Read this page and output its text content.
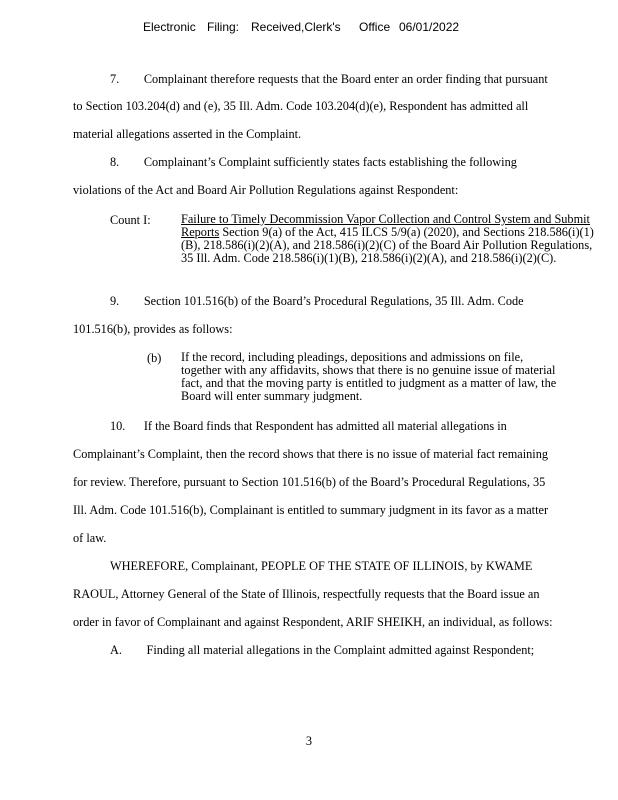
Electronic Filing: Received,Clerk's Office 06/01/2022
7.        Complainant therefore requests that the Board enter an order finding that pursuant
to Section 103.204(d) and (e), 35 Ill. Adm. Code 103.204(d)(e), Respondent has admitted all
material allegations asserted in the Complaint.
8.        Complainant’s Complaint sufficiently states facts establishing the following
violations of the Act and Board Air Pollution Regulations against Respondent:
Count I: Failure to Timely Decommission Vapor Collection and Control System and Submit Reports Section 9(a) of the Act, 415 ILCS 5/9(a) (2020), and Sections 218.586(i)(1)(B), 218.586(i)(2)(A), and 218.586(i)(2)(C) of the Board Air Pollution Regulations, 35 Ill. Adm. Code 218.586(i)(1)(B), 218.586(i)(2)(A), and 218.586(i)(2)(C).
9.        Section 101.516(b) of the Board’s Procedural Regulations, 35 Ill. Adm. Code
101.516(b), provides as follows:
(b) If the record, including pleadings, depositions and admissions on file, together with any affidavits, shows that there is no genuine issue of material fact, and that the moving party is entitled to judgment as a matter of law, the Board will enter summary judgment.
10.      If the Board finds that Respondent has admitted all material allegations in
Complainant’s Complaint, then the record shows that there is no issue of material fact remaining
for review. Therefore, pursuant to Section 101.516(b) of the Board’s Procedural Regulations, 35
Ill. Adm. Code 101.516(b), Complainant is entitled to summary judgment in its favor as a matter
of law.
WHEREFORE, Complainant, PEOPLE OF THE STATE OF ILLINOIS, by KWAME
RAOUL, Attorney General of the State of Illinois, respectfully requests that the Board issue an
order in favor of Complainant and against Respondent, ARIF SHEIKH, an individual, as follows:
A.        Finding all material allegations in the Complaint admitted against Respondent;
3
